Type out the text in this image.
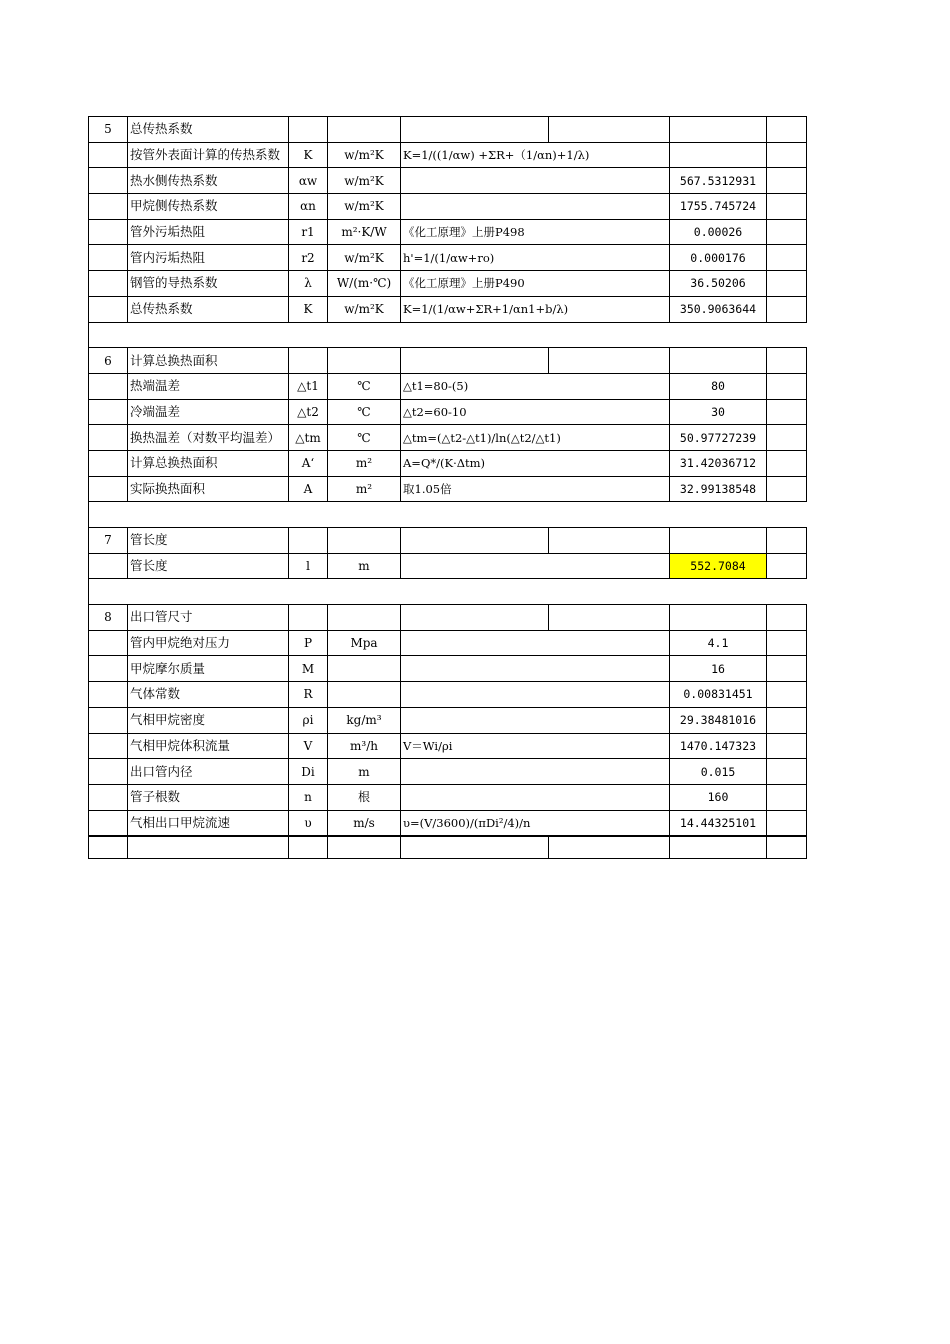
5	总传热系数						
	按管外表面计算的传热系数	K	w/m²K	K=1/((1/αw) +ΣR+（1/αn)+1/λ)			
	热水侧传热系数	αw	w/m²K			567.5312931	
	甲烷侧传热系数	αn	w/m²K			1755.745724	
	管外污垢热阻	r1	m²·K/W	《化工原理》上册P498		0.00026	
	管内污垢热阻	r2	w/m²K	h'=1/(1/αw+ro)		0.000176	
	钢管的导热系数	λ	W/(m·℃)	《化工原理》上册P490		36.50206	
	总传热系数	K	w/m²K	K=1/(1/αw+ΣR+1/αn1+b/λ)		350.9063644	

6	计算总换热面积						
	热端温差	△t1	℃	△t1=80-(5)		80	
	冷端温差	△t2	℃	△t2=60-10		30	
	换热温差（对数平均温差）	△tm	℃	△tm=(△t2-△t1)/ln(△t2/△t1)		50.97727239	
	计算总换热面积	A‘	m²	A=Q*/(K·Δtm)		31.42036712	
	实际换热面积	A	m²	取1.05倍		32.99138548	

7	管长度						
	管长度	l	m			552.7084	

8	出口管尺寸						
	管内甲烷绝对压力	P	Mpa			4.1	
	甲烷摩尔质量	M				16	
	气体常数	R				0.00831451	
	气相甲烷密度	ρi	kg/m³			29.38481016	
	气相甲烷体积流量	V	m³/h	V＝Wi/ρi		1470.147323	
	出口管内径	Di	m			0.015	
	管子根数	n	根			160	
	气相出口甲烷流速	υ	m/s	υ=(V/3600)/(πDi²/4)/n		14.44325101	
